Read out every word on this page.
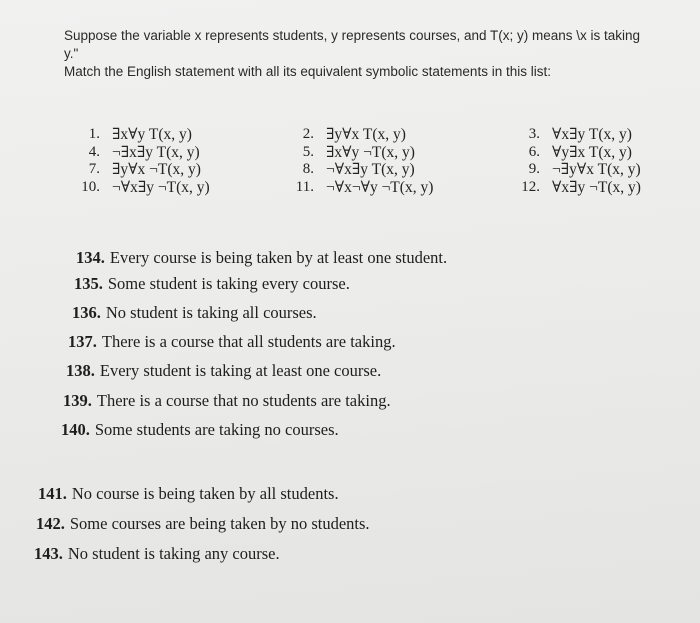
Suppose the variable x represents students, y represents courses, and T(x; y) means \x is taking

y."

Match the English statement with all its equivalent symbolic statements in this list:

1. ∃x∀y T(x, y)
4. ¬∃x∃y T(x, y)
7. ∃y∀x ¬T(x, y)
10. ¬∀x∃y ¬T(x, y)
2. ∃y∀x T(x, y)
5. ∃x∀y ¬T(x, y)
8. ¬∀x∃y T(x, y)
11. ¬∀x¬∀y ¬T(x, y)
3. ∀x∃y T(x, y)
6. ∀y∃x T(x, y)
9. ¬∃y∀x T(x, y)
12. ∀x∃y ¬T(x, y)
134. Every course is being taken by at least one student.
135. Some student is taking every course.
136. No student is taking all courses.
137. There is a course that all students are taking.
138. Every student is taking at least one course.
139. There is a course that no students are taking.
140. Some students are taking no courses.
141. No course is being taken by all students.
142. Some courses are being taken by no students.
143. No student is taking any course.
